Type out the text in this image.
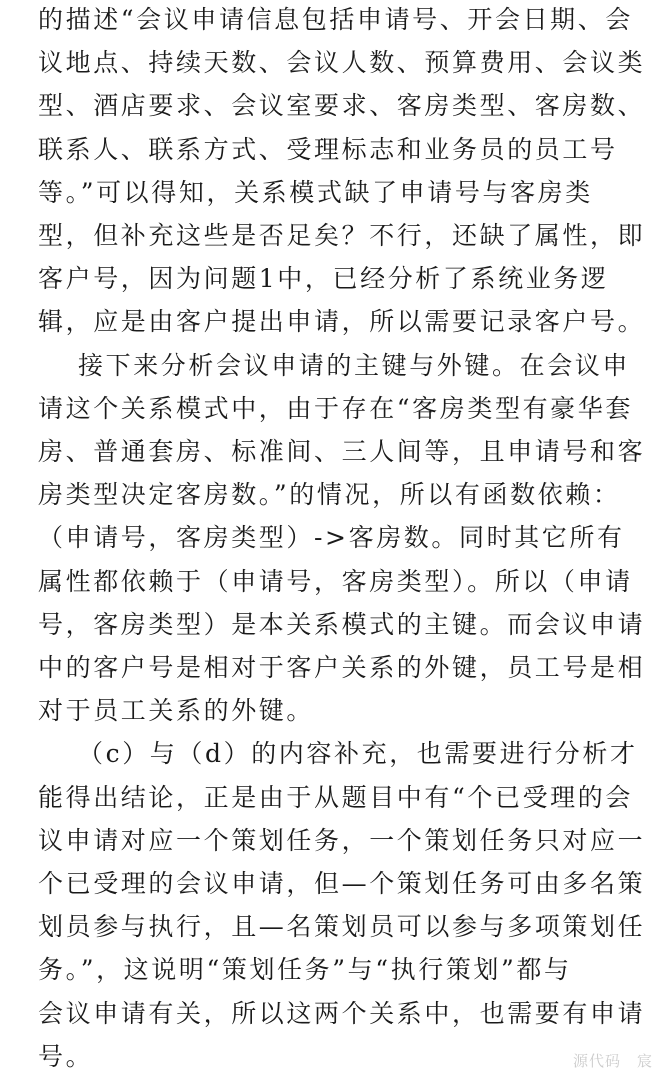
的描述“会议申请信息包括申请号、开会日期、会
议地点、持续天数、会议人数、预算费用、会议类
型、酒店要求、会议室要求、客房类型、客房数、
联系人、联系方式、受理标志和业务员的员工号
等。”可以得知，关系模式缺了申请号与客房类
型，但补充这些是否足矣？不行，还缺了属性，即
客户号，因为问题1中，已经分析了系统业务逻
辑，应是由客户提出申请，所以需要记录客户号。
接下来分析会议申请的主键与外键。在会议申
请这个关系模式中，由于存在“客房类型有豪华套
房、普通套房、标准间、三人间等，且申请号和客
房类型决定客房数。”的情况，所以有函数依赖：
（申请号，客房类型）->客房数。同时其它所有
属性都依赖于（申请号，客房类型）。所以（申请
号，客房类型）是本关系模式的主键。而会议申请
中的客户号是相对于客户关系的外键，员工号是相
对于员工关系的外键。
（c）与（d）的内容补充，也需要进行分析才
能得出结论，正是由于从题目中有“个已受理的会
议申请对应一个策划任务，一个策划任务只对应一
个已受理的会议申请，但—个策划任务可由多名策
划员参与执行，且—名策划员可以参与多项策划任
务。”，这说明“策划任务”与“执行策划”都与
会议申请有关，所以这两个关系中，也需要有申请
号。	源代码　宸
